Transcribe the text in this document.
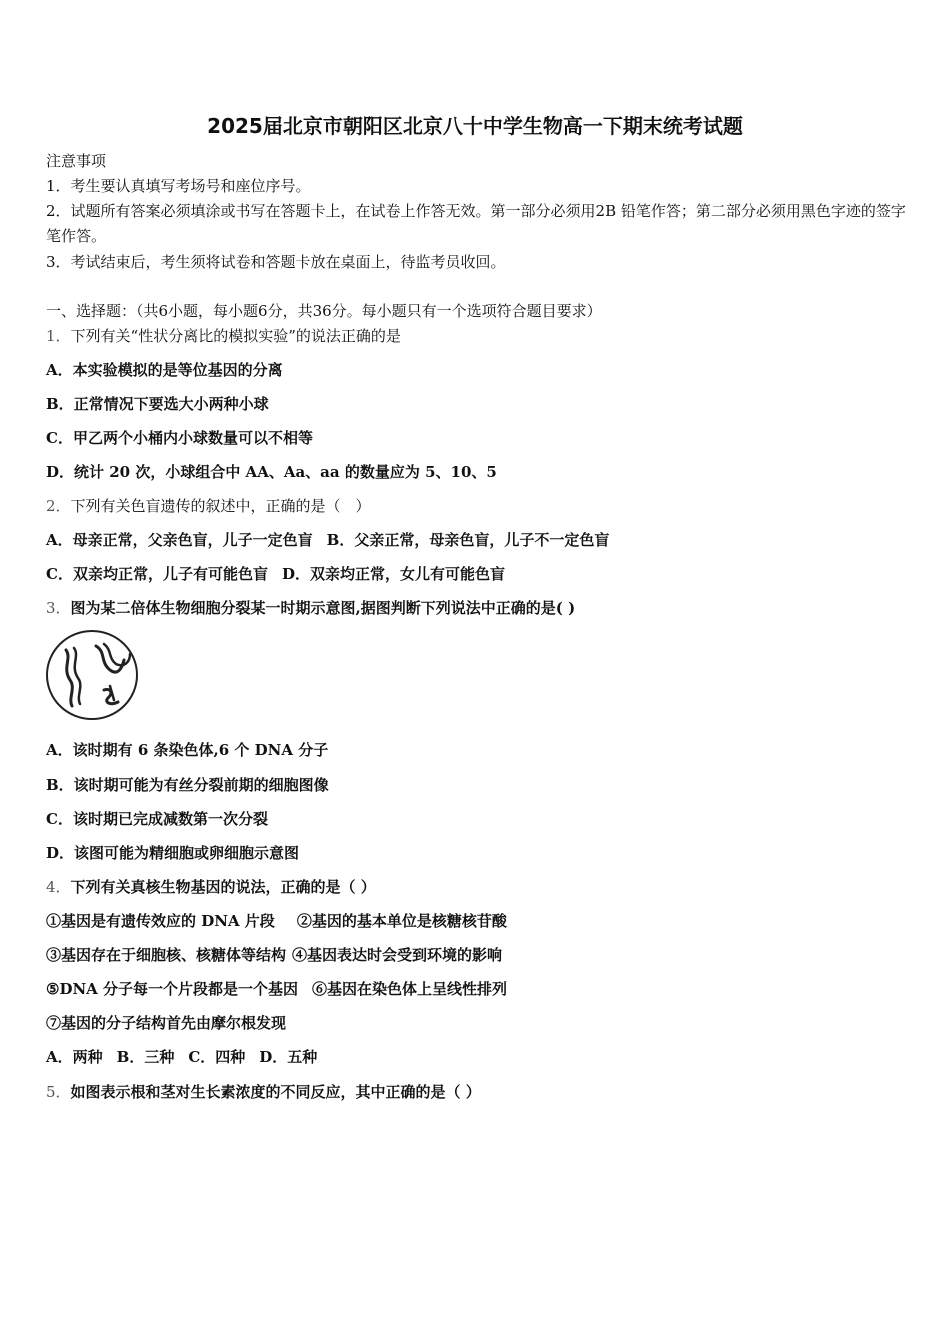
2025届北京市朝阳区北京八十中学生物高一下期末统考试题
注意事项
1．考生要认真填写考场号和座位序号。
2．试题所有答案必须填涂或书写在答题卡上，在试卷上作答无效。第一部分必须用2B 铅笔作答；第二部分必须用黑色字迹的签字笔作答。
3．考试结束后，考生须将试卷和答题卡放在桌面上，待监考员收回。
一、选择题：（共6小题，每小题6分，共36分。每小题只有一个选项符合题目要求）
1．下列有关“性状分离比的模拟实验”的说法正确的是
A．本实验模拟的是等位基因的分离
B．正常情况下要选大小两种小球
C．甲乙两个小桶内小球数量可以不相等
D．统计 20 次，小球组合中 AA、Aa、aa 的数量应为 5、10、5
2．下列有关色盲遗传的叙述中，正确的是（　）
A．母亲正常，父亲色盲，儿子一定色盲 B．父亲正常，母亲色盲，儿子不一定色盲
C．双亲均正常，儿子有可能色盲 D．双亲均正常，女儿有可能色盲
3．图为某二倍体生物细胞分裂某一时期示意图,据图判断下列说法中正确的是( )
A．该时期有 6 条染色体,6 个 DNA 分子
B．该时期可能为有丝分裂前期的细胞图像
C．该时期已完成减数第一次分裂
D．该图可能为精细胞或卵细胞示意图
4．下列有关真核生物基因的说法，正确的是（ ）
①基因是有遗传效应的 DNA 片段 ②基因的基本单位是核糖核苷酸
③基因存在于细胞核、核糖体等结构 ④基因表达时会受到环境的影响
⑤DNA 分子每一个片段都是一个基因 ⑥基因在染色体上呈线性排列
⑦基因的分子结构首先由摩尔根发现
A．两种 B．三种 C．四种 D．五种
5．如图表示根和茎对生长素浓度的不同反应，其中正确的是（ ）
